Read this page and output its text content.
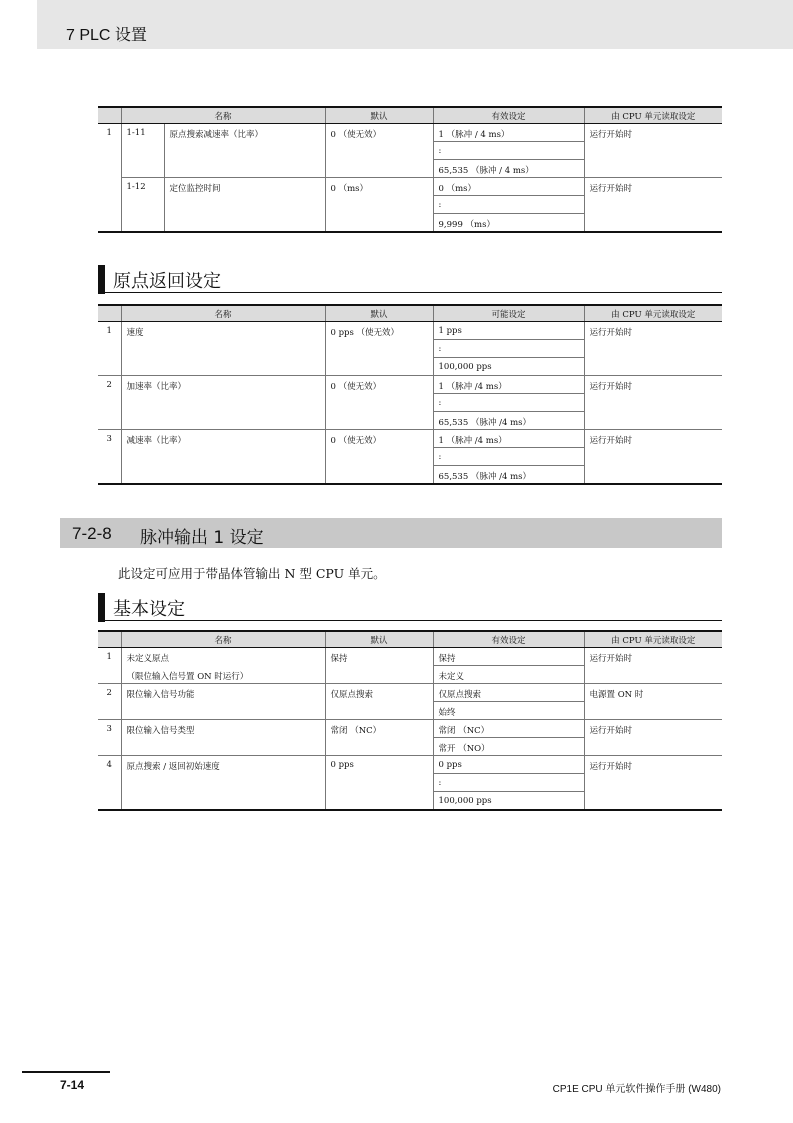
7 PLC 设置
	名称		默认	有效设定	由 CPU 单元读取设定
1	1-11	原点搜索减速率（比率）	0 （使无效）	1 （脉冲 / 4 ms）	运行开始时
				:	
				65,535 （脉冲 / 4 ms）	
	1-12	定位监控时间	0 （ms）	0 （ms）	运行开始时
				:	
				9,999 （ms）	
原点返回设定
	名称	默认	可能设定	由 CPU 单元读取设定
1	速度	0 pps （使无效）	1 pps	运行开始时
			:	
			100,000 pps	
2	加速率（比率）	0 （使无效）	1 （脉冲 /4 ms）	运行开始时
			:	
			65,535 （脉冲 /4 ms）	
3	减速率（比率）	0 （使无效）	1 （脉冲 /4 ms）	运行开始时
			:	
			65,535 （脉冲 /4 ms）	
7-2-8 脉冲输出 1 设定
此设定可应用于带晶体管输出 N 型 CPU 单元。
基本设定
	名称	默认	有效设定	由 CPU 单元读取设定
1	未定义原点	保持	保持	运行开始时
	（限位输入信号置 ON 时运行）		未定义	
2	限位输入信号功能	仅原点搜索	仅原点搜索	电源置 ON 时
			始终	
3	限位输入信号类型	常闭 （NC）	常闭 （NC）	运行开始时
			常开 （NO）	
4	原点搜索 / 返回初始速度	0 pps	0 pps	运行开始时
			:	
			100,000 pps	
7-14	CP1E CPU 单元软件操作手册 (W480)
